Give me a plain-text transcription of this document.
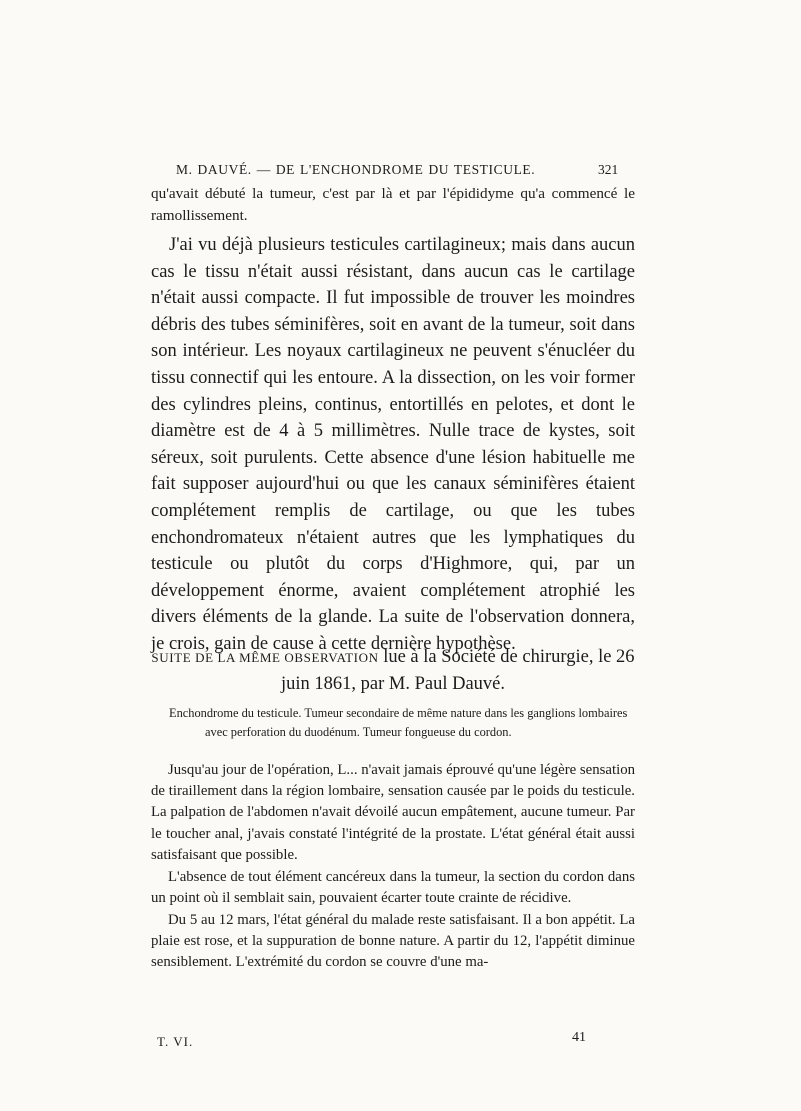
M. DAUVÉ. — DE L'ENCHONDROME DU TESTICULE.	321
qu'avait débuté la tumeur, c'est par là et par l'épididyme qu'a commencé le ramollissement.
J'ai vu déjà plusieurs testicules cartilagineux; mais dans aucun cas le tissu n'était aussi résistant, dans aucun cas le cartilage n'était aussi compacte. Il fut impossible de trouver les moindres débris des tubes séminifères, soit en avant de la tumeur, soit dans son intérieur. Les noyaux cartilagineux ne peuvent s'énucléer du tissu connectif qui les entoure. A la dissection, on les voir former des cylindres pleins, continus, entortillés en pelotes, et dont le diamètre est de 4 à 5 millimètres. Nulle trace de kystes, soit séreux, soit purulents. Cette absence d'une lésion habituelle me fait supposer aujourd'hui ou que les canaux séminifères étaient complétement remplis de cartilage, ou que les tubes enchondromateux n'étaient autres que les lymphatiques du testicule ou plutôt du corps d'Highmore, qui, par un développement énorme, avaient complétement atrophié les divers éléments de la glande. La suite de l'observation donnera, je crois, gain de cause à cette dernière hypothèse.
SUITE DE LA MÊME OBSERVATION lue à la Société de chirurgie, le 26 juin 1861, par M. Paul Dauvé.
Enchondrome du testicule. Tumeur secondaire de même nature dans les ganglions lombaires
avec perforation du duodénum. Tumeur fongueuse du cordon.
Jusqu'au jour de l'opération, L... n'avait jamais éprouvé qu'une légère sensation de tiraillement dans la région lombaire, sensation causée par le poids du testicule. La palpation de l'abdomen n'avait dévoilé aucun empâtement, aucune tumeur. Par le toucher anal, j'avais constaté l'intégrité de la prostate. L'état général était aussi satisfaisant que possible.
L'absence de tout élément cancéreux dans la tumeur, la section du cordon dans un point où il semblait sain, pouvaient écarter toute crainte de récidive.
Du 5 au 12 mars, l'état général du malade reste satisfaisant. Il a bon appétit. La plaie est rose, et la suppuration de bonne nature. A partir du 12, l'appétit diminue sensiblement. L'extrémité du cordon se couvre d'une ma-
T. VI.	41
